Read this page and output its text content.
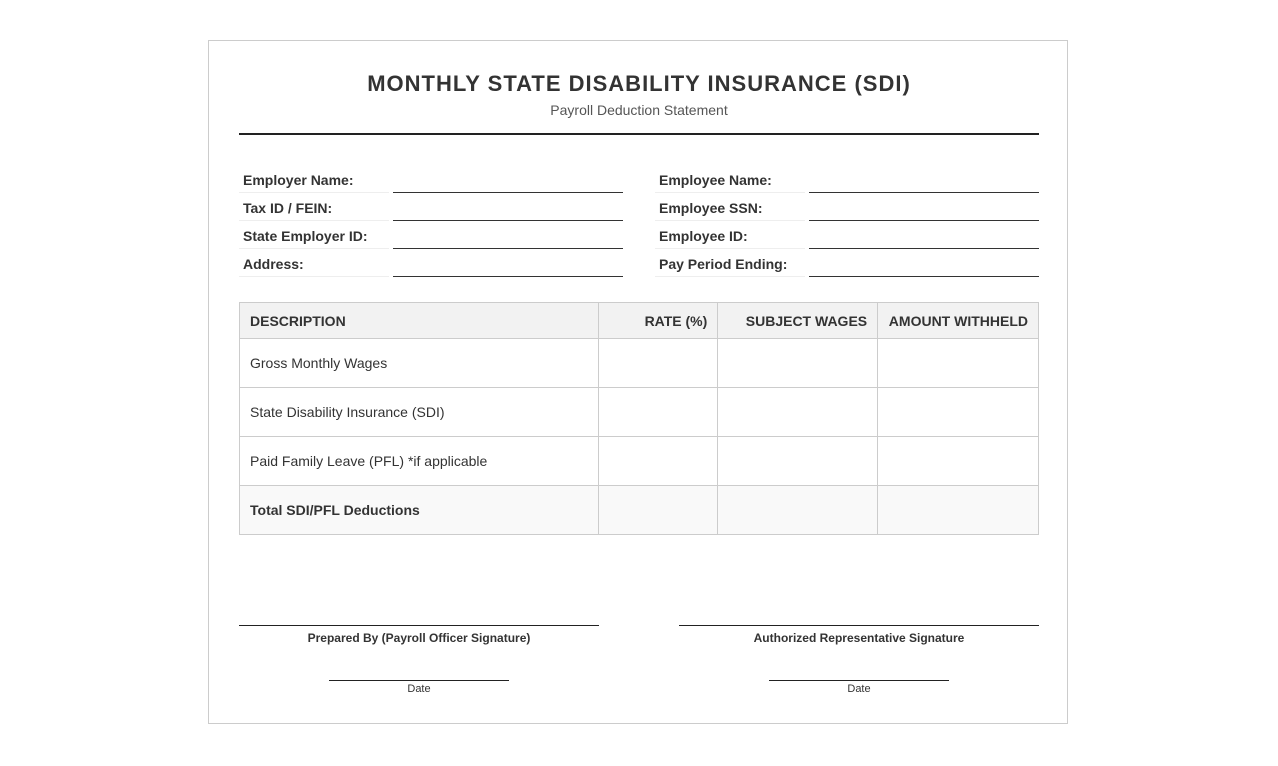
MONTHLY STATE DISABILITY INSURANCE (SDI)
Payroll Deduction Statement
Employer Name:
Tax ID / FEIN:
State Employer ID:
Address:
Employee Name:
Employee SSN:
Employee ID:
Pay Period Ending:
DESCRIPTION	RATE (%)	SUBJECT WAGES	AMOUNT WITHHELD
Gross Monthly Wages			
State Disability Insurance (SDI)			
Paid Family Leave (PFL) *if applicable			
Total SDI/PFL Deductions			
Prepared By (Payroll Officer Signature)	Authorized Representative Signature
Date	Date
